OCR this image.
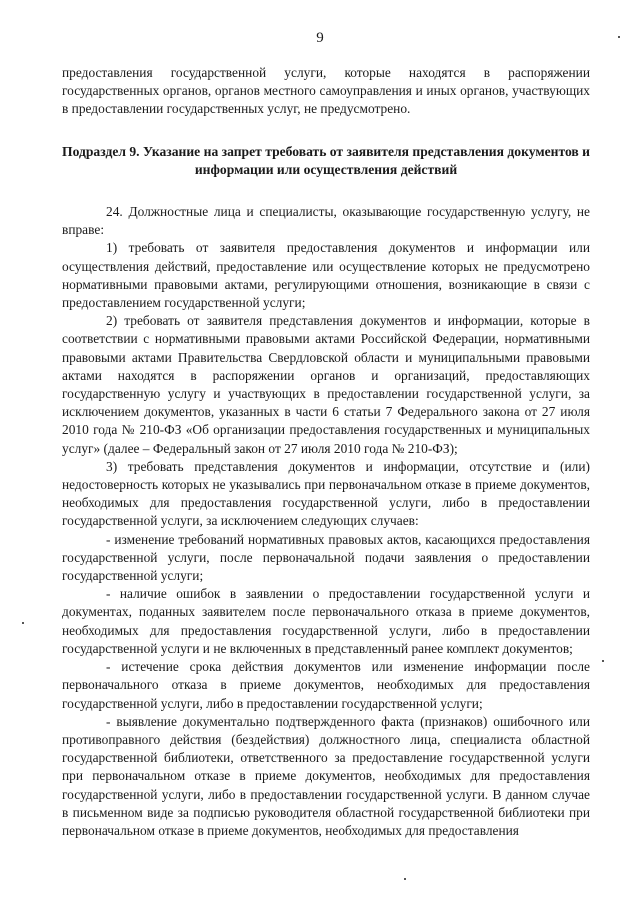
9

предоставления государственной услуги, которые находятся в распоряжении государственных органов, органов местного самоуправления и иных органов, участвующих в предоставлении государственных услуг, не предусмотрено.

Подраздел 9. Указание на запрет требовать от заявителя представления документов и информации или осуществления действий

24. Должностные лица и специалисты, оказывающие государственную услугу, не вправе:

1) требовать от заявителя предоставления документов и информации или осуществления действий, предоставление или осуществление которых не предусмотрено нормативными правовыми актами, регулирующими отношения, возникающие в связи с предоставлением государственной услуги;

2) требовать от заявителя представления документов и информации, которые в соответствии с нормативными правовыми актами Российской Федерации, нормативными правовыми актами Правительства Свердловской области и муниципальными правовыми актами находятся в распоряжении органов и организаций, предоставляющих государственную услугу и участвующих в предоставлении государственной услуги, за исключением документов, указанных в части 6 статьи 7 Федерального закона от 27 июля 2010 года № 210-ФЗ «Об организации предоставления государственных и муниципальных услуг» (далее – Федеральный закон от 27 июля 2010 года № 210-ФЗ);

3) требовать представления документов и информации, отсутствие и (или) недостоверность которых не указывались при первоначальном отказе в приеме документов, необходимых для предоставления государственной услуги, либо в предоставлении государственной услуги, за исключением следующих случаев:

- изменение требований нормативных правовых актов, касающихся предоставления государственной услуги, после первоначальной подачи заявления о предоставлении государственной услуги;

- наличие ошибок в заявлении о предоставлении государственной услуги и документах, поданных заявителем после первоначального отказа в приеме документов, необходимых для предоставления государственной услуги, либо в предоставлении государственной услуги и не включенных в представленный ранее комплект документов;

- истечение срока действия документов или изменение информации после первоначального отказа в приеме документов, необходимых для предоставления государственной услуги, либо в предоставлении государственной услуги;

- выявление документально подтвержденного факта (признаков) ошибочного или противоправного действия (бездействия) должностного лица, специалиста областной государственной библиотеки, ответственного за предоставление государственной услуги при первоначальном отказе в приеме документов, необходимых для предоставления государственной услуги, либо в предоставлении государственной услуги. В данном случае в письменном виде за подписью руководителя областной государственной библиотеки при первоначальном отказе в приеме документов, необходимых для предоставления
